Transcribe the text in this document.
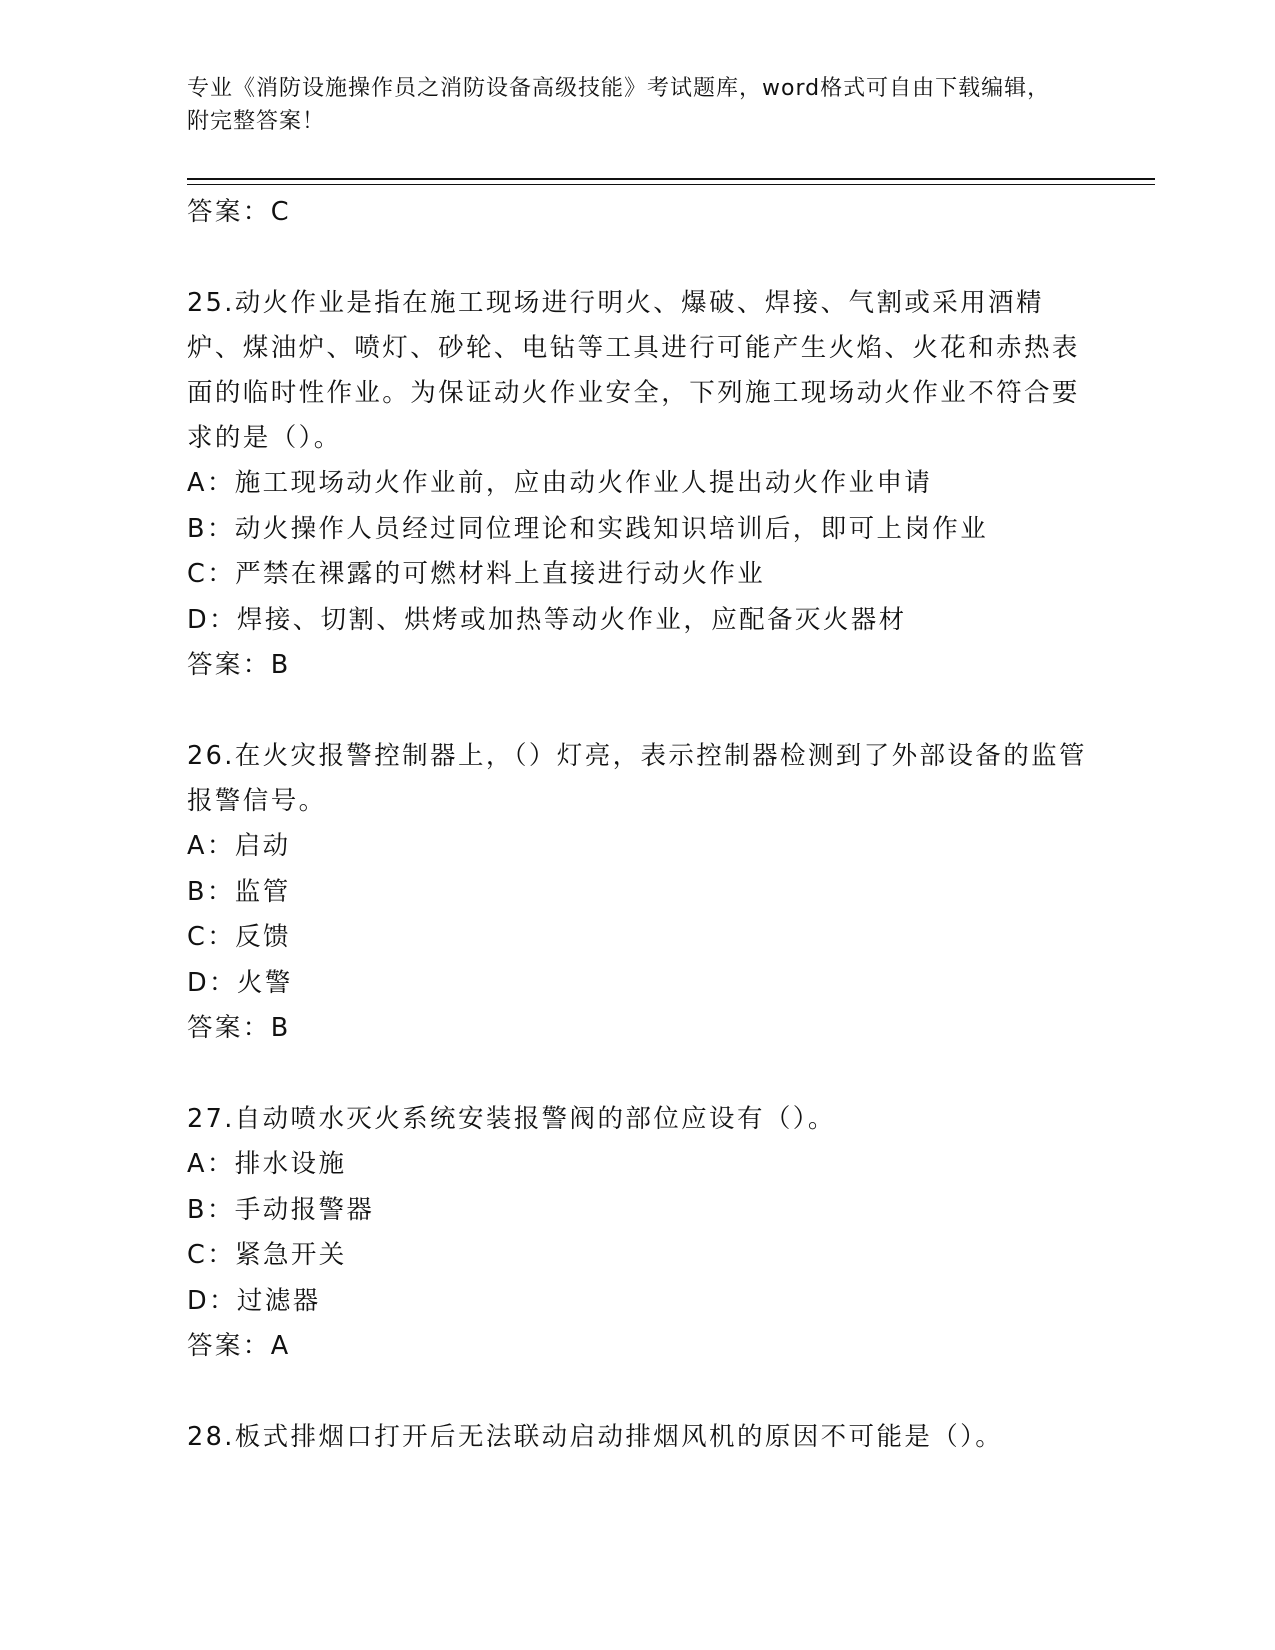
专业《消防设施操作员之消防设备高级技能》考试题库，word格式可自由下载编辑，附完整答案！

答案：C

25.动火作业是指在施工现场进行明火、爆破、焊接、气割或采用酒精炉、煤油炉、喷灯、砂轮、电钻等工具进行可能产生火焰、火花和赤热表面的临时性作业。为保证动火作业安全，下列施工现场动火作业不符合要求的是（）。

A：施工现场动火作业前，应由动火作业人提出动火作业申请

B：动火操作人员经过同位理论和实践知识培训后，即可上岗作业

C：严禁在裸露的可燃材料上直接进行动火作业

D：焊接、切割、烘烤或加热等动火作业，应配备灭火器材

答案：B

26.在火灾报警控制器上，（）灯亮，表示控制器检测到了外部设备的监管报警信号。

A：启动

B：监管

C：反馈

D：火警

答案：B

27.自动喷水灭火系统安装报警阀的部位应设有（）。

A：排水设施

B：手动报警器

C：紧急开关

D：过滤器

答案：A

28.板式排烟口打开后无法联动启动排烟风机的原因不可能是（）。
